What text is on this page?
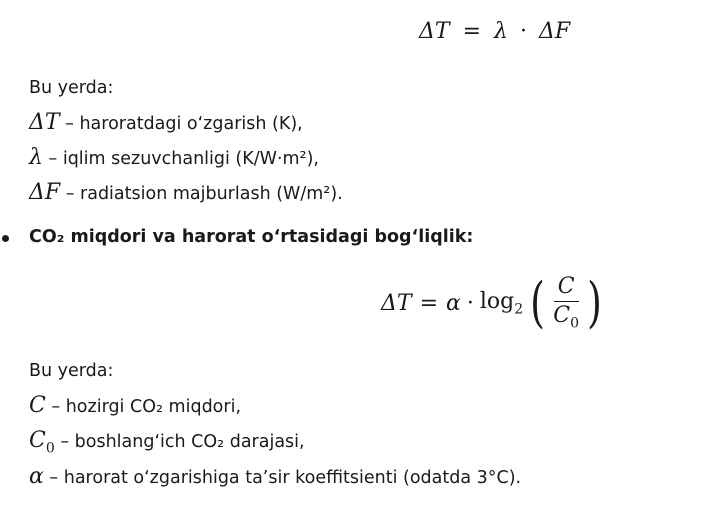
ΔT = λ · ΔF
Bu yerda:
ΔT – haroratdagi o‘zgarish (K),
λ – iqlim sezuvchanligi (K/W·m²),
ΔF – radiatsion majburlash (W/m²).
CO₂ miqdori va harorat o‘rtasidagi bog‘liqlik:
$\Delta T = \alpha \cdot \log_2$ ( $\frac{C}{C_0}$ )
Bu yerda:
C – hozirgi CO₂ miqdori,
$C_0$ – boshlang‘ich CO₂ darajasi,
α – harorat o‘zgarishiga ta’sir koeffitsienti (odatda 3°C).
